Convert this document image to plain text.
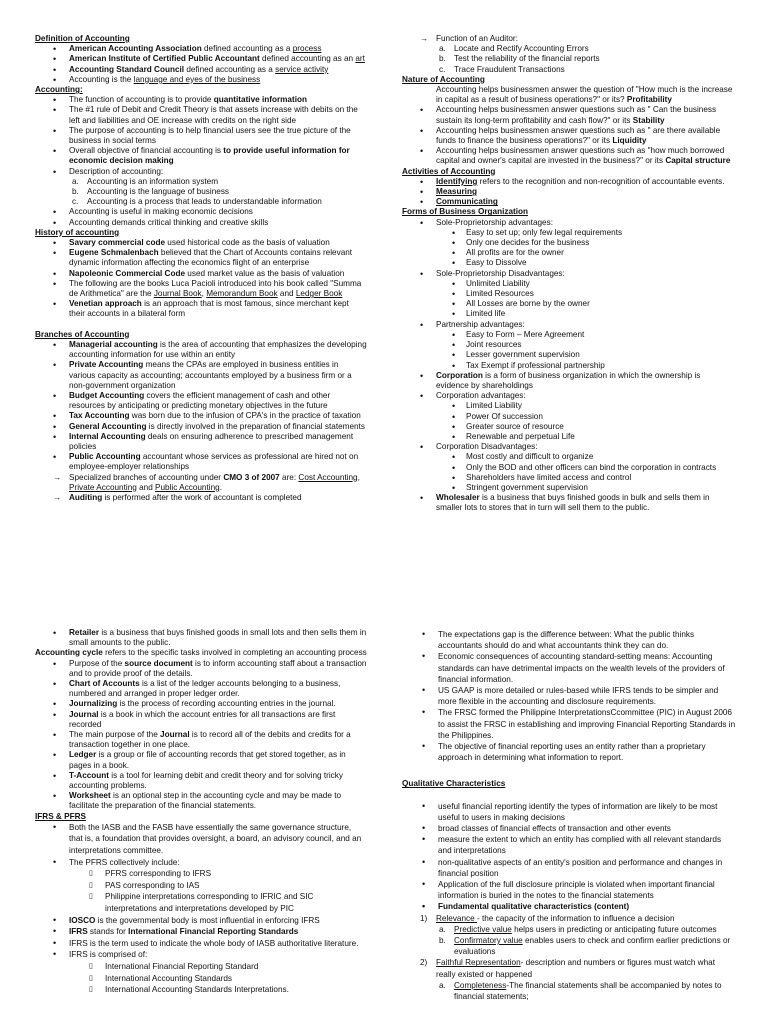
Definition of Accounting
• American Accounting Association defined accounting as a process
• American Institute of Certified Public Accountant defined accounting as an art
• Accounting Standard Council defined accounting as a service activity
• Accounting is the language and eyes of the business
Accounting:
• The function of accounting is to provide quantitative information
• The #1 rule of Debit and Credit Theory is that assets increase with debits on the left and liabilities and OE increase with credits on the right side
• The purpose of accounting is to help financial users see the true picture of the business in social terms
• Overall objective of financial accounting is to provide useful information for economic decision making
• Description of accounting:
a. Accounting is an information system
b. Accounting is the language of business
c. Accounting is a process that leads to understandable information
• Accounting is useful in making economic decisions
• Accounting demands critical thinking and creative skills
History of accounting
• Savary commercial code used historical code as the basis of valuation
• Eugene Schmalenbach believed that the Chart of Accounts contains relevant dynamic information affecting the economics flight of an enterprise
• Napoleonic Commercial Code used market value as the basis of valuation
• The following are the books Luca Pacioli introduced into his book called "Summa de Arithmetica" are the Journal Book, Memorandum Book and Ledger Book
• Venetian approach is an approach that is most famous, since merchant kept their accounts in a bilateral form
Branches of Accounting
• Managerial accounting is the area of accounting that emphasizes the developing accounting information for use within an entity
• Private Accounting means the CPAs are employed in business entities in various capacity as accounting; accountants employed by a business firm or a non-government organization
• Budget Accounting covers the efficient management of cash and other resources by anticipating or predicting monetary objectives in the future
• Tax Accounting was born due to the infusion of CPA's in the practice of taxation
• General Accounting is directly involved in the preparation of financial statements
• Internal Accounting deals on ensuring adherence to prescribed management policies
• Public Accounting accountant whose services as professional are hired not on employee-employer relationships
→ Specialized branches of accounting under CMO 3 of 2007 are: Cost Accounting, Private Accounting and Public Accounting.
→ Auditing is performed after the work of accountant is completed
→ Function of an Auditor:
a. Locate and Rectify Accounting Errors
b. Test the reliability of the financial reports
c. Trace Fraudulent Transactions
Nature of Accounting
Accounting helps businessmen answer the question of "How much is the increase in capital as a result of business operations?" or its? Profitability
• Accounting helps businessmen answer questions such as " Can the business sustain its long-term profitability and cash flow?" or its Stability
• Accounting helps businessmen answer questions such as " are there available funds to finance the business operations?" or its Liquidity
• Accounting helps businessmen answer questions such as "how much borrowed capital and owner's capital are invested in the business?" or its Capital structure
Activities of Accounting
• Identifying refers to the recognition and non-recognition of accountable events.
• Measuring
• Communicating
Forms of Business Organization
• Sole-Proprietorship advantages:
• Easy to set up; only few legal requirements
• Only one decides for the business
• All profits are for the owner
• Easy to Dissolve
• Sole-Proprietorship Disadvantages:
• Unlimited Liability
• Limited Resources
• All Losses are borne by the owner
• Limited life
• Partnership advantages:
• Easy to Form – Mere Agreement
• Joint resources
• Lesser government supervision
• Tax Exempt if professional partnership
• Corporation is a form of business organization in which the ownership is evidence by shareholdings
• Corporation advantages:
• Limited Liability
• Power Of succession
• Greater source of resource
• Renewable and perpetual Life
• Corporation Disadvantages:
• Most costly and difficult to organize
• Only the BOD and other officers can bind the corporation in contracts
• Shareholders have limited access and control
• Stringent government supervision
• Wholesaler is a business that buys finished goods in bulk and sells them in smaller lots to stores that in turn will sell them to the public.
• Retailer is a business that buys finished goods in small lots and then sells them in small amounts to the public.
Accounting cycle refers to the specific tasks involved in completing an accounting process
• Purpose of the source document is to inform accounting staff about a transaction and to provide proof of the details.
• Chart of Accounts is a list of the ledger accounts belonging to a business, numbered and arranged in proper ledger order.
• Journalizing is the process of recording accounting entries in the journal.
• Journal is a book in which the account entries for all transactions are first recorded
• The main purpose of the Journal is to record all of the debits and credits for a transaction together in one place.
• Ledger is a group or file of accounting records that get stored together, as in pages in a book.
• T-Account is a tool for learning debit and credit theory and for solving tricky accounting problems.
• Worksheet is an optional step in the accounting cycle and may be made to facilitate the preparation of the financial statements.
IFRS & PFRS
• Both the IASB and the FASB have essentially the same governance structure, that is, a foundation that provides oversight, a board, an advisory council, and an interpretations committee.
• The PFRS collectively include:
▯ PFRS corresponding to IFRS
▯ PAS corresponding to IAS
▯ Philippine interpretations corresponding to IFRIC and SIC interpretations and interpretations developed by PIC
• IOSCO is the governmental body is most influential in enforcing IFRS
• IFRS stands for International Financial Reporting Standards
• IFRS is the term used to indicate the whole body of IASB authoritative literature.
• IFRS is comprised of:
▯ International Financial Reporting Standard
▯ International Accounting Standards
▯ International Accounting Standards Interpretations.
• The expectations gap is the difference between: What the public thinks accountants should do and what accountants think they can do.
• Economic consequences of accounting standard-setting means: Accounting standards can have detrimental impacts on the wealth levels of the providers of financial information.
• US GAAP is more detailed or rules-based while IFRS tends to be simpler and more flexible in the accounting and disclosure requirements.
• The FRSC formed the Philippine InterpretationsCcommittee (PIC) in August 2006 to assist the FRSC in establishing and improving Financial Reporting Standards in the Philippines.
• The objective of financial reporting uses an entity rather than a proprietary approach in determining what information to report.
Qualitative Characteristics
• useful financial reporting identify the types of information are likely to be most useful to users in making decisions
• broad classes of financial effects of transaction and other events
• measure the extent to which an entity has complied with all relevant standards and interpretations
• non-qualitative aspects of an entity's position and performance and changes in financial position
• Application of the full disclosure principle is violated when important financial information is buried in the notes to the financial statements
• Fundamental qualitative characteristics (content)
1) Relevance - the capacity of the information to influence a decision
a. Predictive value helps users in predicting or anticipating future outcomes
b. Confirmatory value enables users to check and confirm earlier predictions or evaluations
2) Faithful Representation- description and numbers or figures must watch what really existed or happened
a. Completeness-The financial statements shall be accompanied by notes to financial statements;
